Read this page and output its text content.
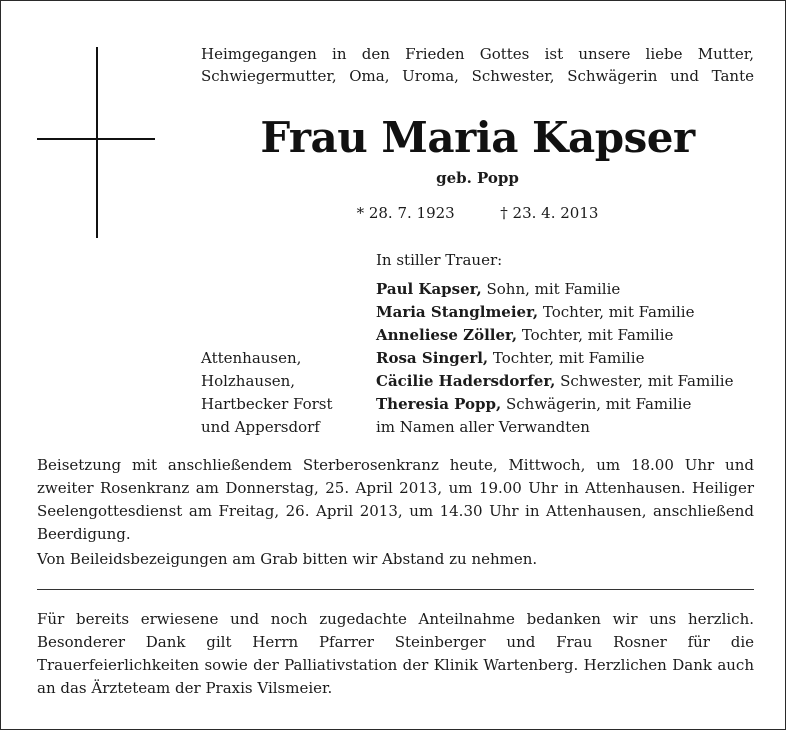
Heimgegangen in den Frieden Gottes ist unsere liebe Mutter,
Schwiegermutter, Oma, Uroma, Schwester, Schwägerin und Tante
Frau Maria Kapser
geb. Popp
* 28. 7. 1923	† 23. 4. 2013
In stiller Trauer:
Paul Kapser, Sohn, mit Familie
Maria Stanglmeier, Tochter, mit Familie
Anneliese Zöller, Tochter, mit Familie
Rosa Singerl, Tochter, mit Familie
Cäcilie Hadersdorfer, Schwester, mit Familie
Theresia Popp, Schwägerin, mit Familie
im Namen aller Verwandten
Attenhausen,
Holzhausen,
Hartbecker Forst
und Appersdorf
Beisetzung mit anschließendem Sterberosenkranz heute, Mittwoch, um 18.00 Uhr und zweiter Rosenkranz am Donnerstag, 25. April 2013, um 19.00 Uhr in Attenhausen. Heiliger Seelengottesdienst am Freitag, 26. April 2013, um 14.30 Uhr in Attenhausen, anschließend Beerdigung.
Von Beileidsbezeigungen am Grab bitten wir Abstand zu nehmen.
Für bereits erwiesene und noch zugedachte Anteilnahme bedanken wir uns herzlich. Besonderer Dank gilt Herrn Pfarrer Steinberger und Frau Rosner für die Trauerfeierlichkeiten sowie der Palliativstation der Klinik Wartenberg. Herzlichen Dank auch an das Ärzteteam der Praxis Vilsmeier.
